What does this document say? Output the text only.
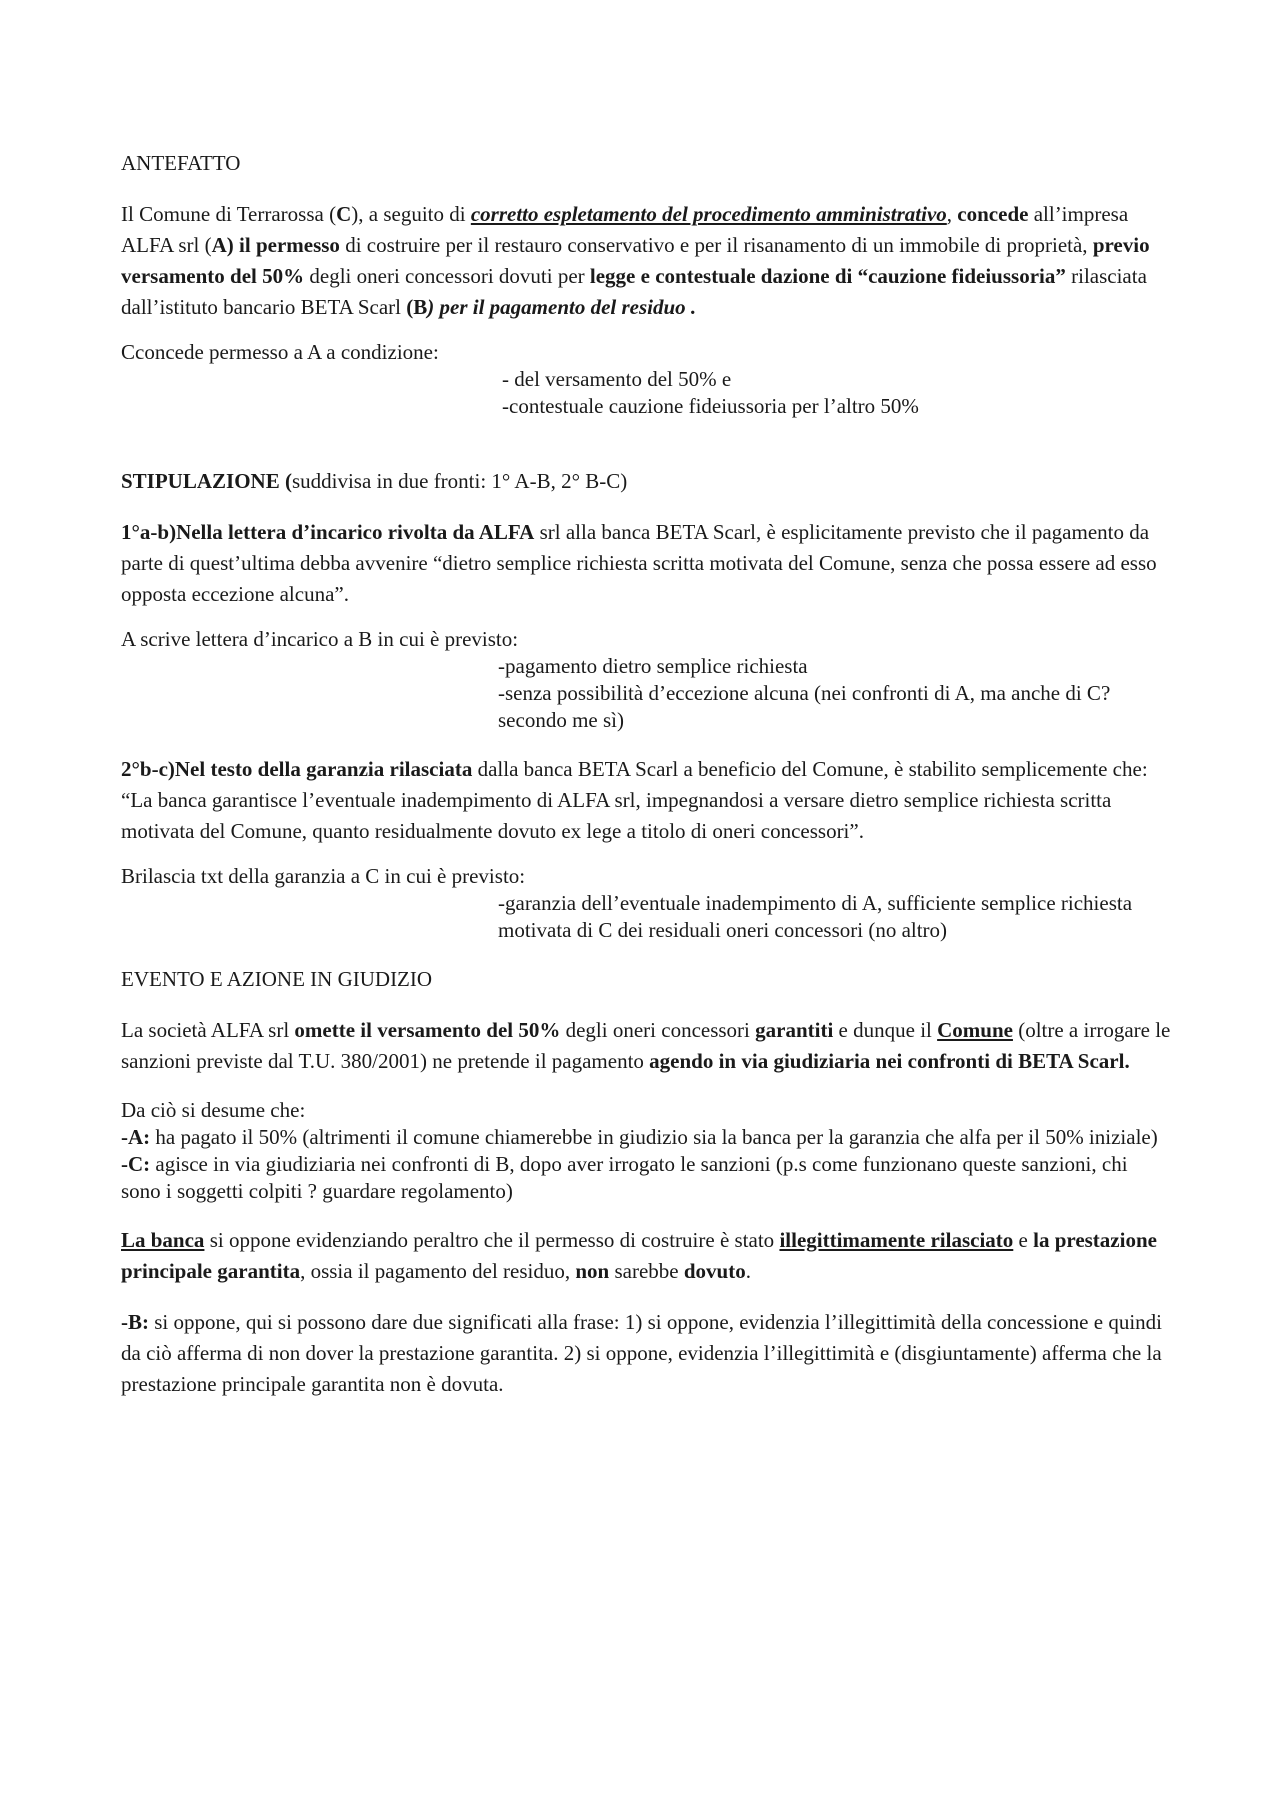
ANTEFATTO

Il Comune di Terrarossa (C), a seguito di corretto espletamento del procedimento amministrativo, concede all’impresa ALFA srl (A) il permesso di costruire per il restauro conservativo e per il risanamento di un immobile di proprietà, previo versamento del 50% degli oneri concessori dovuti per legge e contestuale dazione di “cauzione fideiussoria” rilasciata dall’istituto bancario BETA Scarl (B) per il pagamento del residuo .

Cconcede permesso a A a condizione:

- del versamento del 50% e

-contestuale cauzione fideiussoria per l’altro 50%

STIPULAZIONE (suddivisa in due fronti: 1° A-B, 2° B-C)

1°a-b)Nella lettera d’incarico rivolta da ALFA srl alla banca BETA Scarl, è esplicitamente previsto che il pagamento da parte di quest’ultima debba avvenire “dietro semplice richiesta scritta motivata del Comune, senza che possa essere ad esso opposta eccezione alcuna”.

A scrive lettera d’incarico a B in cui è previsto:

-pagamento dietro semplice richiesta

-senza possibilità d’eccezione alcuna (nei confronti di A, ma anche di C? secondo me sì)

2°b-c)Nel testo della garanzia rilasciata dalla banca BETA Scarl a beneficio del Comune, è stabilito semplicemente che: “La banca garantisce l’eventuale inadempimento di ALFA srl, impegnandosi a versare dietro semplice richiesta scritta motivata del Comune, quanto residualmente dovuto ex lege a titolo di oneri concessori”.

Brilascia txt della garanzia a C in cui è previsto:

-garanzia dell’eventuale inadempimento di A, sufficiente semplice richiesta motivata di C dei residuali oneri concessori (no altro)

EVENTO E AZIONE IN GIUDIZIO

La società ALFA srl omette il versamento del 50% degli oneri concessori garantiti e dunque il Comune (oltre a irrogare le sanzioni previste dal T.U. 380/2001) ne pretende il pagamento agendo in via giudiziaria nei confronti di BETA Scarl.

Da ciò si desume che:

-A: ha pagato il 50% (altrimenti il comune chiamerebbe in giudizio sia la banca per la garanzia che alfa per il 50% iniziale)

-C: agisce in via giudiziaria nei confronti di B, dopo aver irrogato le sanzioni (p.s come funzionano queste sanzioni, chi sono i soggetti colpiti ? guardare regolamento)

La banca si oppone evidenziando peraltro che il permesso di costruire è stato illegittimamente rilasciato e la prestazione principale garantita, ossia il pagamento del residuo, non sarebbe dovuto.

-B: si oppone, qui si possono dare due significati alla frase: 1) si oppone, evidenzia l’illegittimità della concessione e quindi da ciò afferma di non dover la prestazione garantita. 2) si oppone, evidenzia l’illegittimità e (disgiuntamente) afferma che la prestazione principale garantita non è dovuta.
